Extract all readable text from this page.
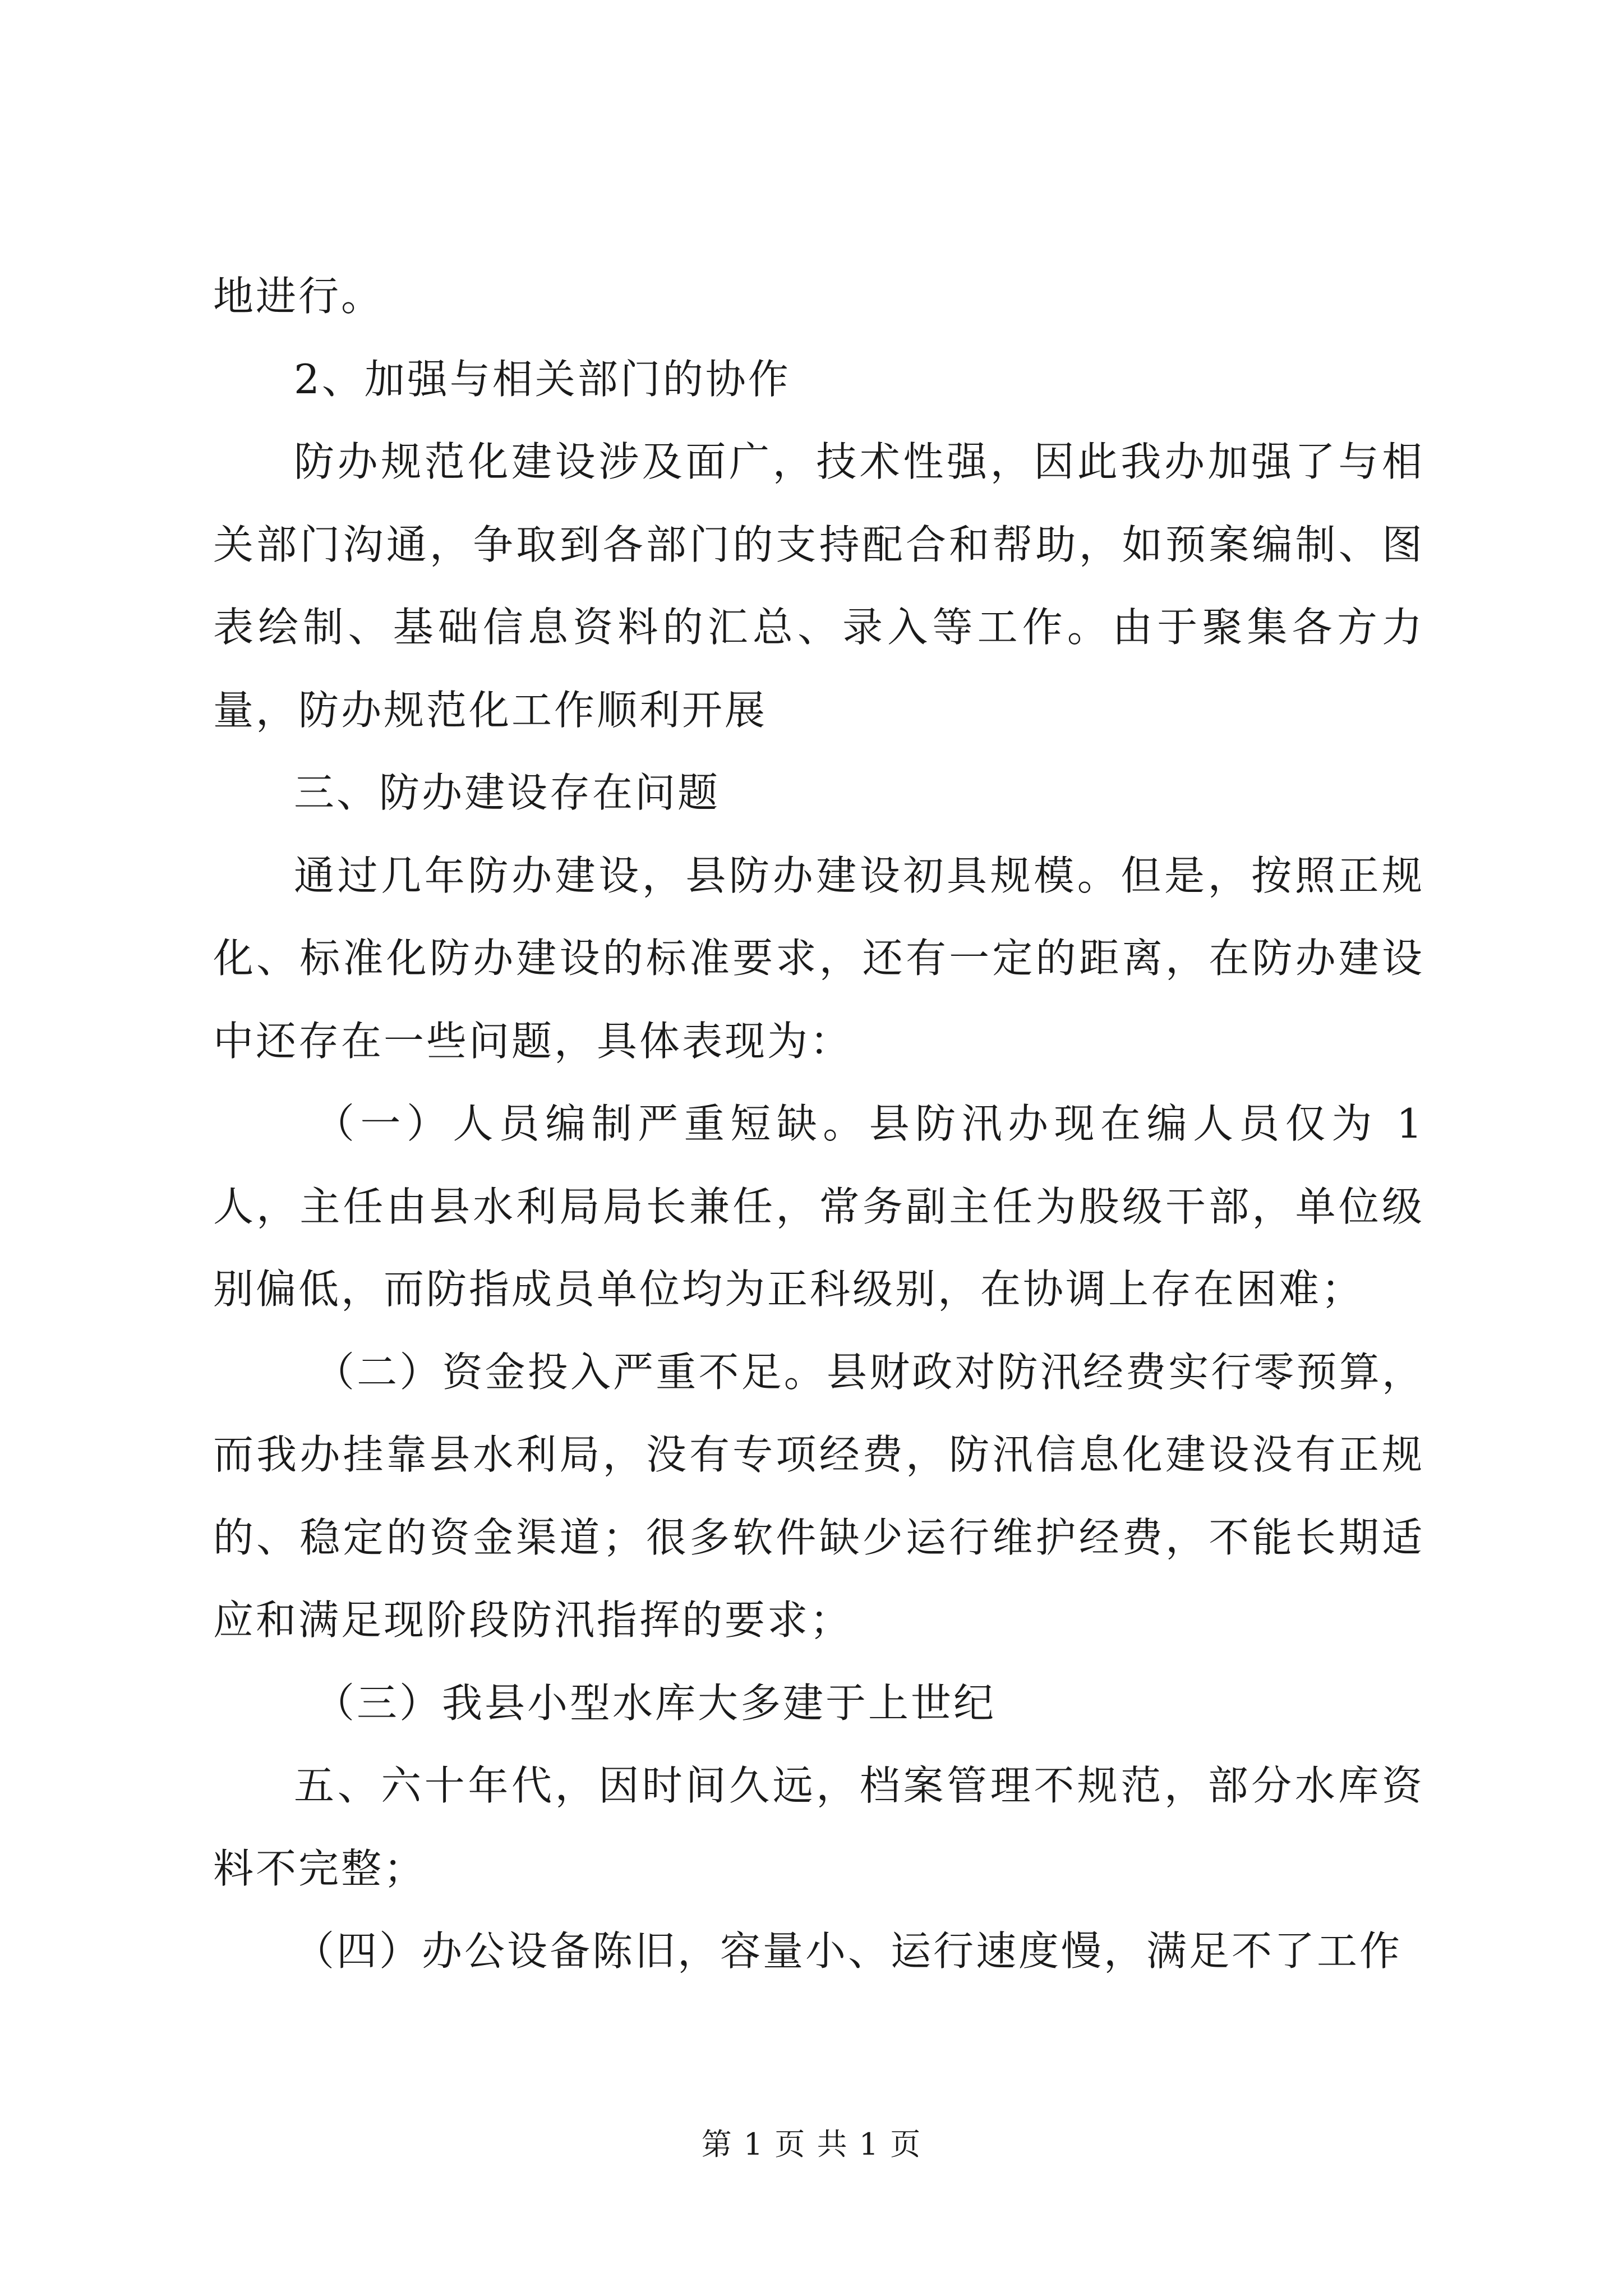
地进行。

2、加强与相关部门的协作

防办规范化建设涉及面广，技术性强，因此我办加强了与相关部门沟通，争取到各部门的支持配合和帮助，如预案编制、图表绘制、基础信息资料的汇总、录入等工作。由于聚集各方力量，防办规范化工作顺利开展

三、防办建设存在问题

通过几年防办建设，县防办建设初具规模。但是，按照正规化、标准化防办建设的标准要求，还有一定的距离，在防办建设中还存在一些问题，具体表现为：

（一）人员编制严重短缺。县防汛办现在编人员仅为 1 人，主任由县水利局局长兼任，常务副主任为股级干部，单位级别偏低，而防指成员单位均为正科级别，在协调上存在困难；

（二）资金投入严重不足。县财政对防汛经费实行零预算，而我办挂靠县水利局，没有专项经费，防汛信息化建设没有正规的、稳定的资金渠道；很多软件缺少运行维护经费，不能长期适应和满足现阶段防汛指挥的要求；

（三）我县小型水库大多建于上世纪

五、六十年代，因时间久远，档案管理不规范，部分水库资料不完整；

（四）办公设备陈旧，容量小、运行速度慢，满足不了工作

第 1 页 共 1 页
